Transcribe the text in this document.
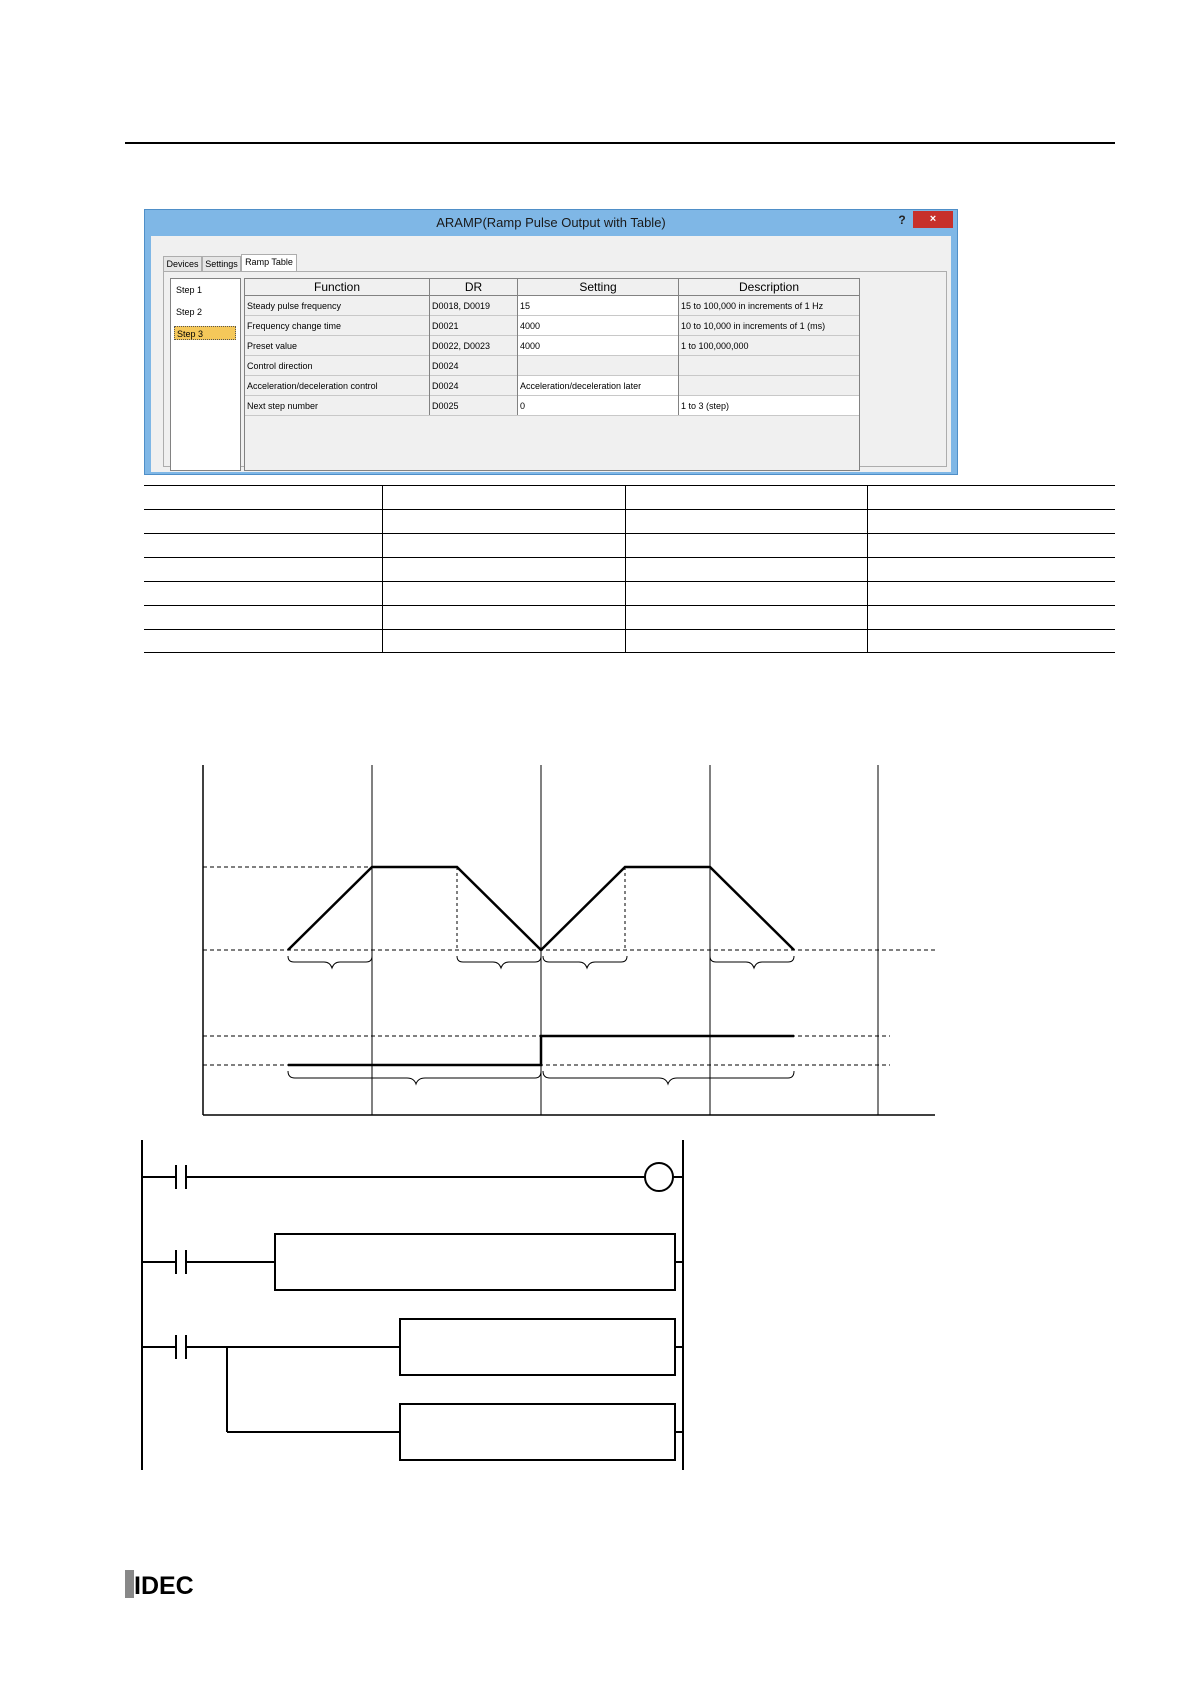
ARAMP(Ramp Pulse Output with Table)	?	×
Devices Settings Ramp Table
Step 1
Step 2
Step 3
Function	DR	Setting	Description
Steady pulse frequency	D0018, D0019	15	15 to 100,000 in increments of 1 Hz
Frequency change time	D0021	4000	10 to 10,000 in increments of 1 (ms)
Preset value	D0022, D0023	4000	1 to 100,000,000
Control direction	D0024
Acceleration/deceleration control	D0024	Acceleration/deceleration later
Next step number	D0025	0	1 to 3 (step)
IDEC
